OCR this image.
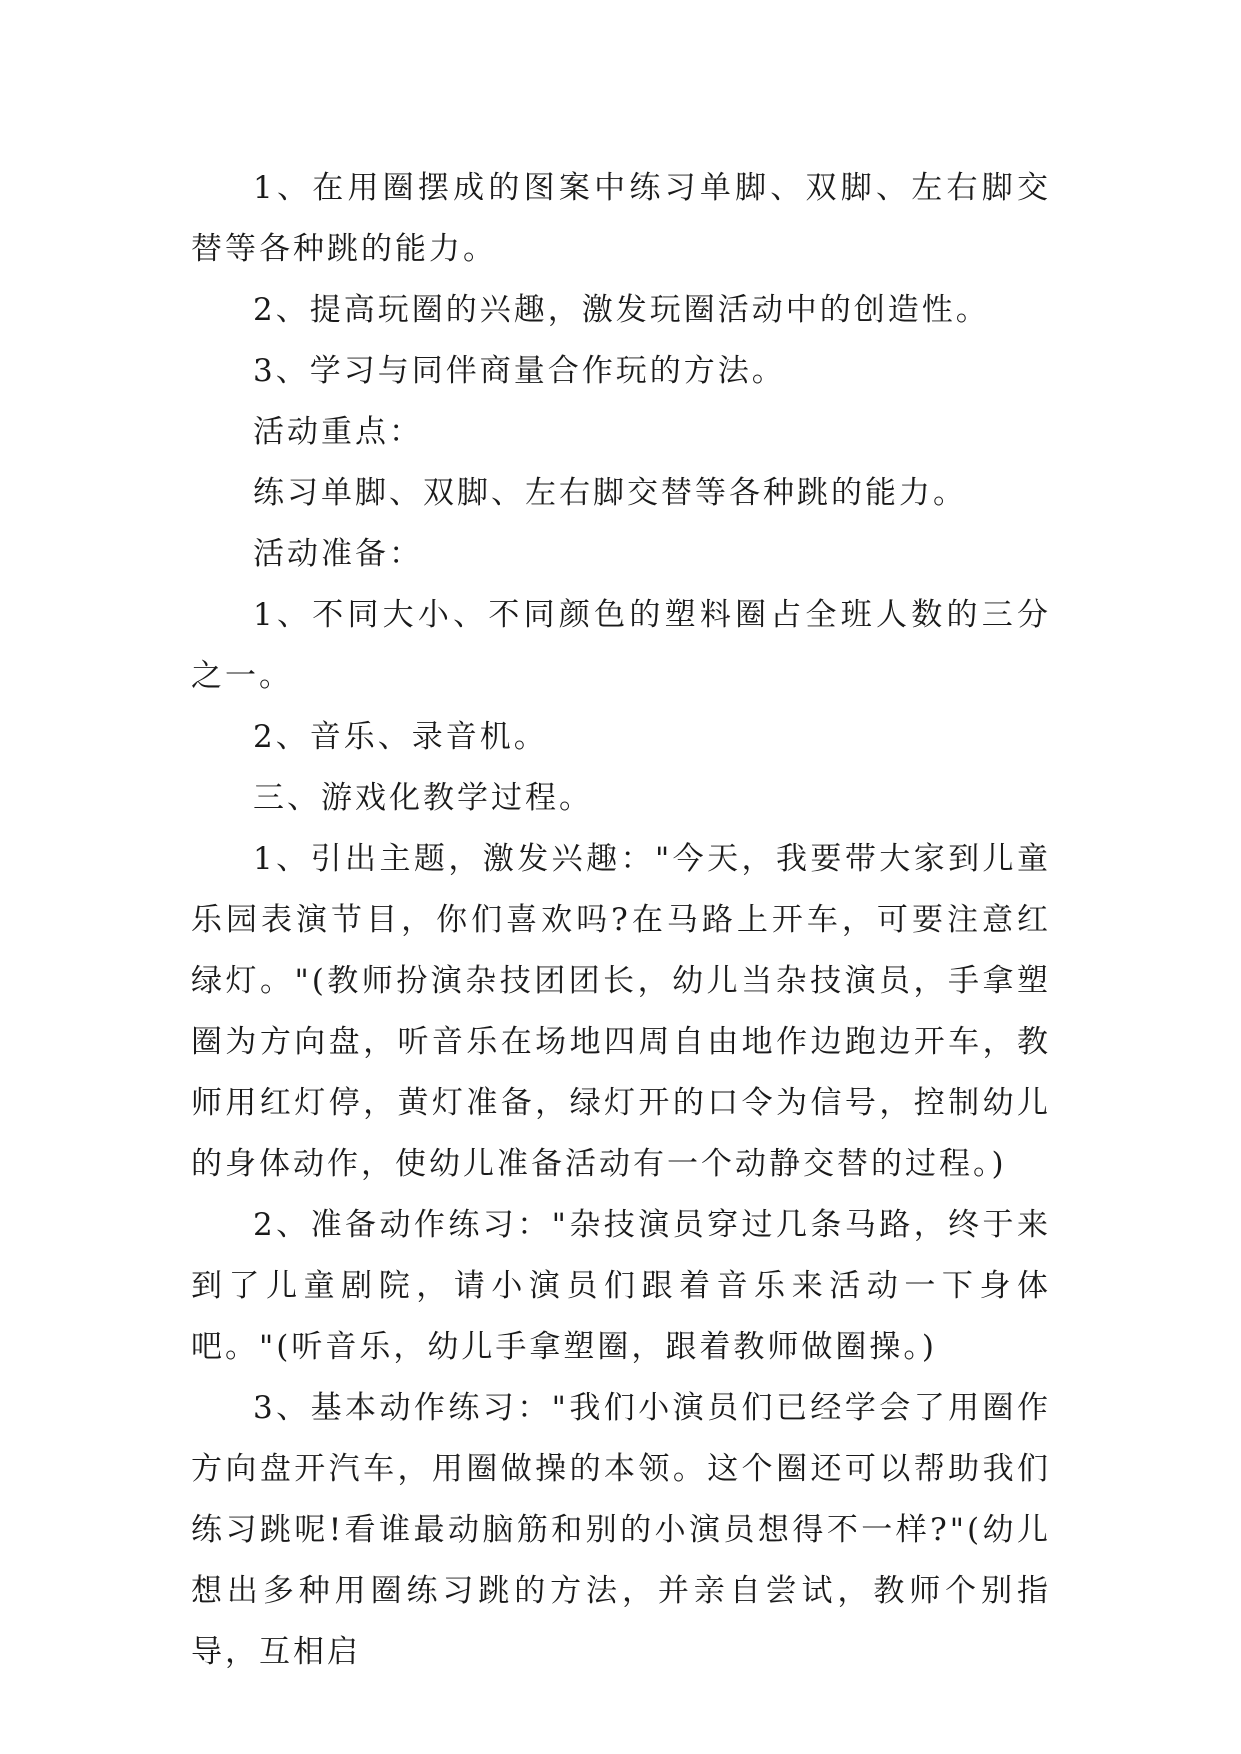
1、在用圈摆成的图案中练习单脚、双脚、左右脚交替等各种跳的能力。

2、提高玩圈的兴趣，激发玩圈活动中的创造性。

3、学习与同伴商量合作玩的方法。

活动重点：

练习单脚、双脚、左右脚交替等各种跳的能力。

活动准备：

1、不同大小、不同颜色的塑料圈占全班人数的三分之一。

2、音乐、录音机。

三、游戏化教学过程。

1、引出主题，激发兴趣："今天，我要带大家到儿童乐园表演节目，你们喜欢吗?在马路上开车，可要注意红绿灯。"(教师扮演杂技团团长，幼儿当杂技演员，手拿塑圈为方向盘，听音乐在场地四周自由地作边跑边开车，教师用红灯停，黄灯准备，绿灯开的口令为信号，控制幼儿的身体动作，使幼儿准备活动有一个动静交替的过程。)

2、准备动作练习："杂技演员穿过几条马路，终于来到了儿童剧院，请小演员们跟着音乐来活动一下身体吧。"(听音乐，幼儿手拿塑圈，跟着教师做圈操。)

3、基本动作练习："我们小演员们已经学会了用圈作方向盘开汽车，用圈做操的本领。这个圈还可以帮助我们练习跳呢!看谁最动脑筋和别的小演员想得不一样?"(幼儿想出多种用圈练习跳的方法，并亲自尝试，教师个别指导，互相启
